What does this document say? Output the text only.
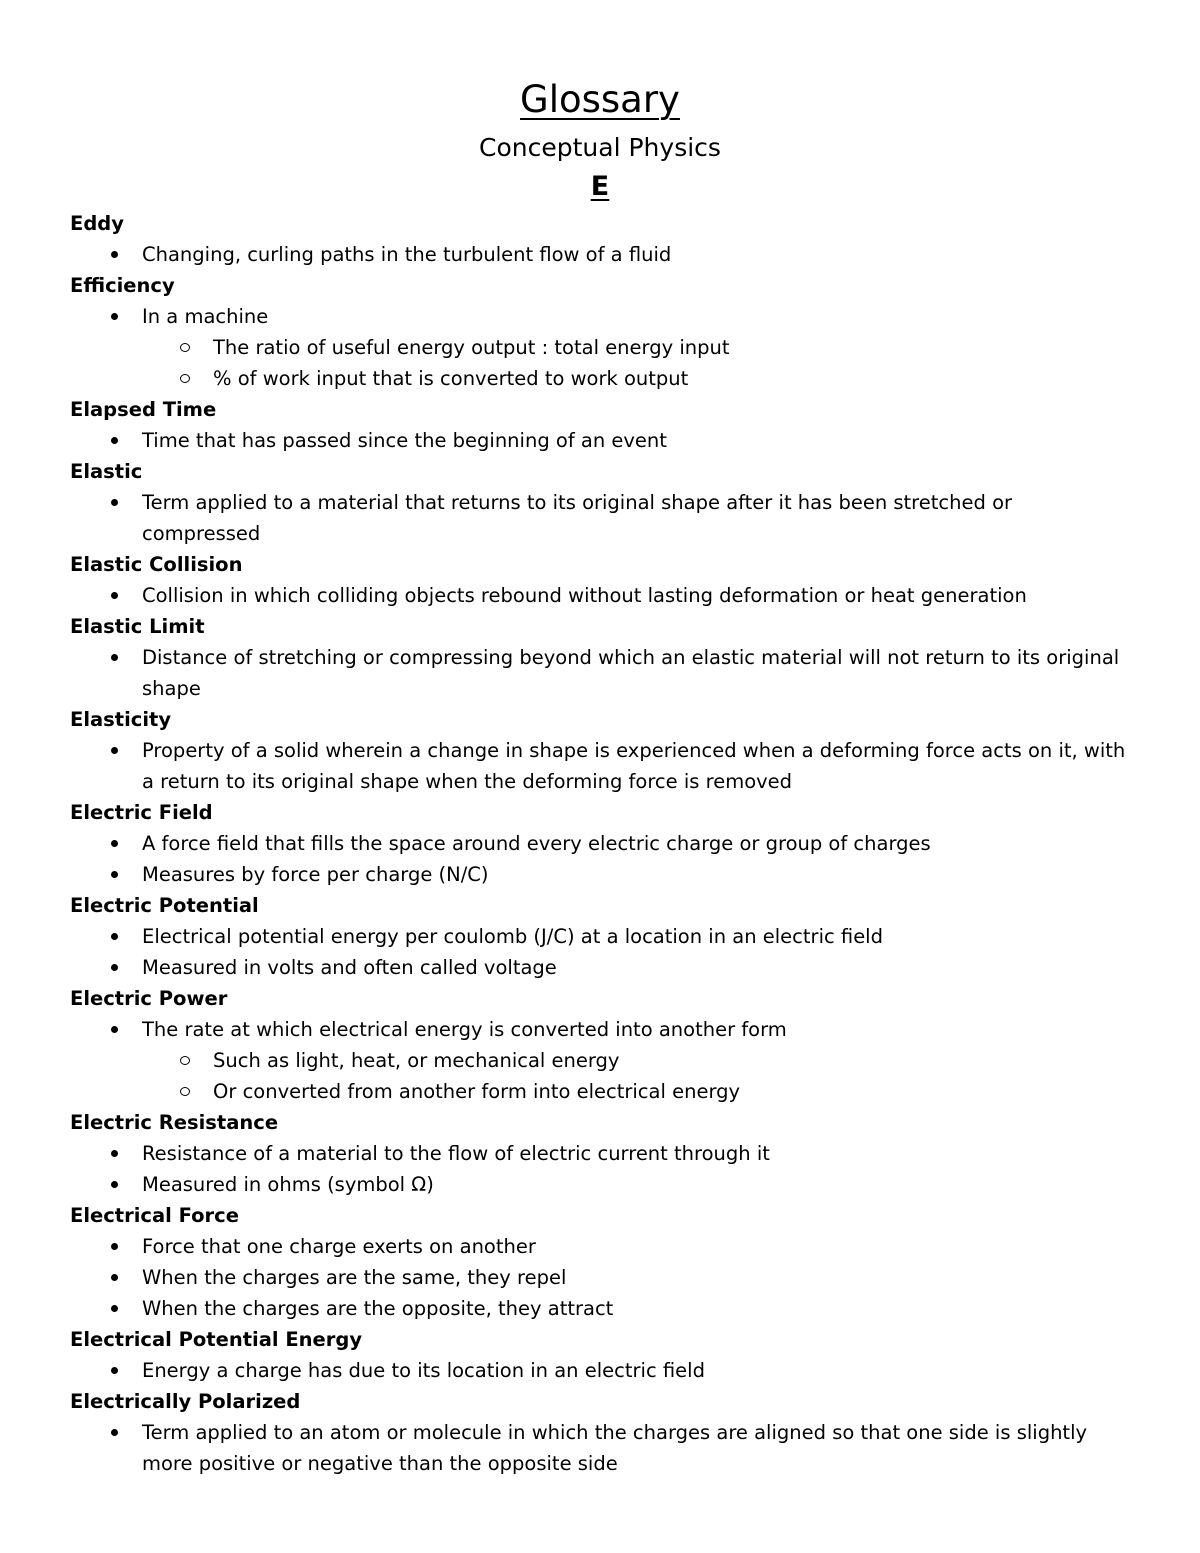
Glossary
Conceptual Physics
E
Eddy
Changing, curling paths in the turbulent flow of a fluid
Efficiency
In a machine
The ratio of useful energy output : total energy input
% of work input that is converted to work output
Elapsed Time
Time that has passed since the beginning of an event
Elastic
Term applied to a material that returns to its original shape after it has been stretched or compressed
Elastic Collision
Collision in which colliding objects rebound without lasting deformation or heat generation
Elastic Limit
Distance of stretching or compressing beyond which an elastic material will not return to its original shape
Elasticity
Property of a solid wherein a change in shape is experienced when a deforming force acts on it, with a return to its original shape when the deforming force is removed
Electric Field
A force field that fills the space around every electric charge or group of charges
Measures by force per charge (N/C)
Electric Potential
Electrical potential energy per coulomb (J/C) at a location in an electric field
Measured in volts and often called voltage
Electric Power
The rate at which electrical energy is converted into another form
Such as light, heat, or mechanical energy
Or converted from another form into electrical energy
Electric Resistance
Resistance of a material to the flow of electric current through it
Measured in ohms (symbol Ω)
Electrical Force
Force that one charge exerts on another
When the charges are the same, they repel
When the charges are the opposite, they attract
Electrical Potential Energy
Energy a charge has due to its location in an electric field
Electrically Polarized
Term applied to an atom or molecule in which the charges are aligned so that one side is slightly more positive or negative than the opposite side
